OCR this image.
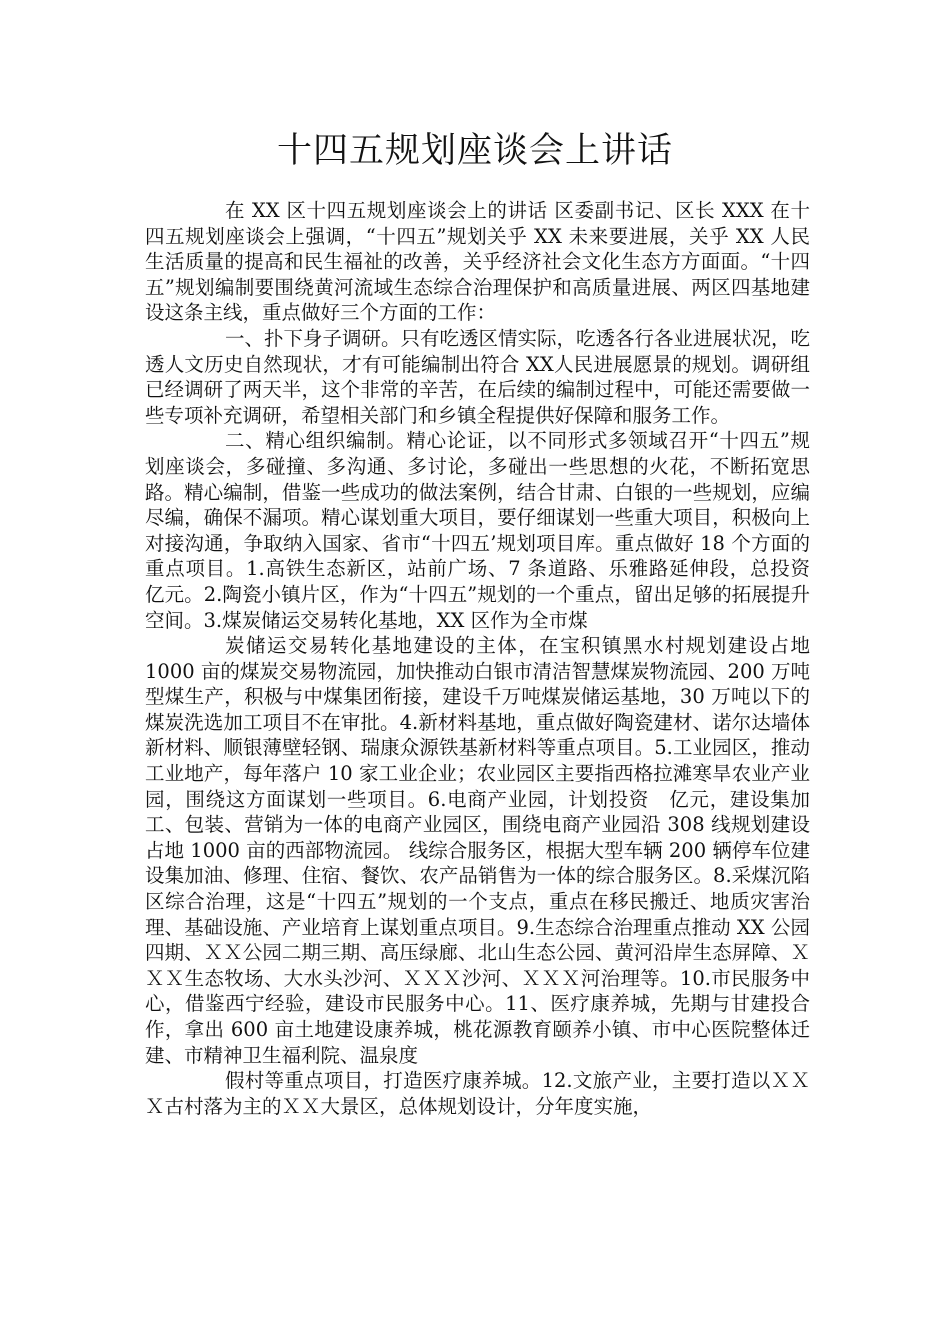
十四五规划座谈会上讲话

在 XX 区十四五规划座谈会上的讲话 区委副书记、区长 XXX 在十四五规划座谈会上强调，“十四五”规划关乎 XX 未来要进展，关乎 XX 人民生活质量的提高和民生福祉的改善，关乎经济社会文化生态方方面面。“十四五”规划编制要围绕黄河流域生态综合治理保护和高质量进展、两区四基地建设这条主线，重点做好三个方面的工作：

一、扑下身子调研。只有吃透区情实际，吃透各行各业进展状况，吃透人文历史自然现状，才有可能编制出符合 XX人民进展愿景的规划。调研组已经调研了两天半，这个非常的辛苦，在后续的编制过程中，可能还需要做一些专项补充调研，希望相关部门和乡镇全程提供好保障和服务工作。

二、精心组织编制。精心论证，以不同形式多领域召开“十四五”规划座谈会，多碰撞、多沟通、多讨论，多碰出一些思想的火花，不断拓宽思路。精心编制，借鉴一些成功的做法案例，结合甘肃、白银的一些规划，应编尽编，确保不漏项。精心谋划重大项目，要仔细谋划一些重大项目，积极向上对接沟通，争取纳入国家、省市“十四五’规划项目库。重点做好 18 个方面的重点项目。1.高铁生态新区，站前广场、7 条道路、乐雅路延伸段，总投资　亿元。2.陶瓷小镇片区，作为“十四五”规划的一个重点，留出足够的拓展提升空间。3.煤炭储运交易转化基地，XX 区作为全市煤

炭储运交易转化基地建设的主体，在宝积镇黑水村规划建设占地 1000 亩的煤炭交易物流园，加快推动白银市清洁智慧煤炭物流园、200 万吨型煤生产，积极与中煤集团衔接，建设千万吨煤炭储运基地，30 万吨以下的煤炭洗选加工项目不在审批。4.新材料基地，重点做好陶瓷建材、诺尔达墙体新材料、顺银薄壁轻钢、瑞康众源铁基新材料等重点项目。5.工业园区，推动工业地产，每年落户 10 家工业企业；农业园区主要指西格拉滩寒旱农业产业园，围绕这方面谋划一些项目。6.电商产业园，计划投资　亿元，建设集加工、包装、营销为一体的电商产业园区，围绕电商产业园沿 308 线规划建设占地 1000 亩的西部物流园。 线综合服务区，根据大型车辆 200 辆停车位建设集加油、修理、住宿、餐饮、农产品销售为一体的综合服务区。8.采煤沉陷区综合治理，这是“十四五”规划的一个支点，重点在移民搬迁、地质灾害治理、基础设施、产业培育上谋划重点项目。9.生态综合治理重点推动 XX 公园四期、ＸＸ公园二期三期、高压绿廊、北山生态公园、黄河沿岸生态屏障、ＸＸＸ生态牧场、大水头沙河、ＸＸＸ沙河、ＸＸＸ河治理等。10.市民服务中心，借鉴西宁经验，建设市民服务中心。11、医疗康养城，先期与甘建投合作，拿出 600 亩土地建设康养城，桃花源教育颐养小镇、市中心医院整体迁建、市精神卫生福利院、温泉度

假村等重点项目，打造医疗康养城。12.文旅产业，主要打造以ＸＸＸ古村落为主的ＸＸ大景区，总体规划设计，分年度实施，
